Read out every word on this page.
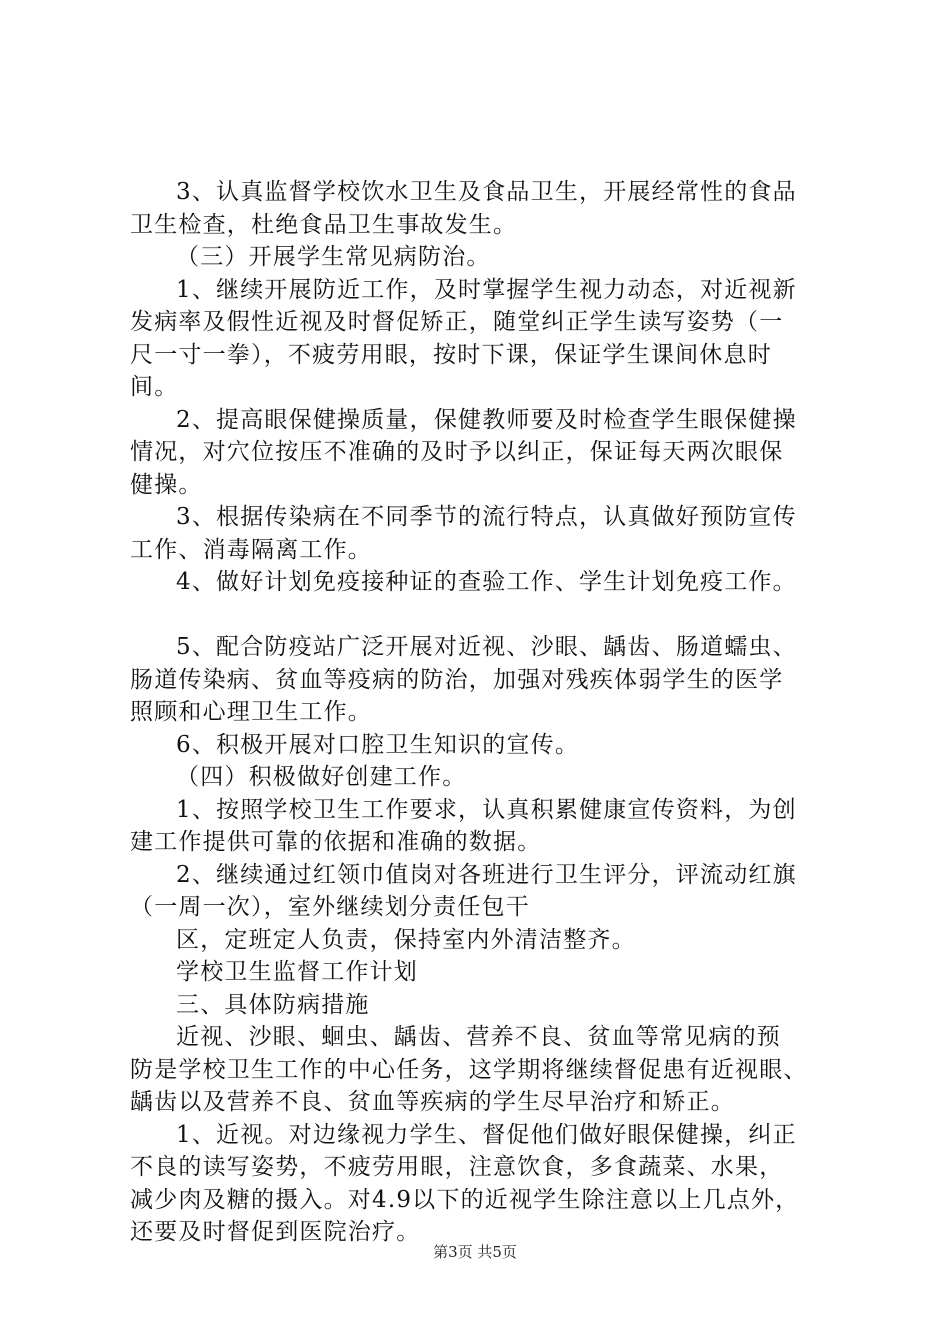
3、认真监督学校饮水卫生及食品卫生，开展经常性的食品
卫生检查，杜绝食品卫生事故发生。
（三）开展学生常见病防治。
1、继续开展防近工作，及时掌握学生视力动态，对近视新
发病率及假性近视及时督促矫正，随堂纠正学生读写姿势（一
尺一寸一拳），不疲劳用眼，按时下课，保证学生课间休息时
间。
2、提高眼保健操质量，保健教师要及时检查学生眼保健操
情况，对穴位按压不准确的及时予以纠正，保证每天两次眼保
健操。
3、根据传染病在不同季节的流行特点，认真做好预防宣传
工作、消毒隔离工作。
4、做好计划免疫接种证的查验工作、学生计划免疫工作。
5、配合防疫站广泛开展对近视、沙眼、龋齿、肠道蠕虫、
肠道传染病、贫血等疫病的防治，加强对残疾体弱学生的医学
照顾和心理卫生工作。
6、积极开展对口腔卫生知识的宣传。
（四）积极做好创建工作。
1、按照学校卫生工作要求，认真积累健康宣传资料，为创
建工作提供可靠的依据和准确的数据。
2、继续通过红领巾值岗对各班进行卫生评分，评流动红旗
（一周一次），室外继续划分责任包干
区，定班定人负责，保持室内外清洁整齐。
学校卫生监督工作计划
三、具体防病措施
近视、沙眼、蛔虫、龋齿、营养不良、贫血等常见病的预
防是学校卫生工作的中心任务，这学期将继续督促患有近视眼、
龋齿以及营养不良、贫血等疾病的学生尽早治疗和矫正。
1、近视。对边缘视力学生、督促他们做好眼保健操，纠正
不良的读写姿势，不疲劳用眼，注意饮食，多食蔬菜、水果，
减少肉及糖的摄入。对4.9以下的近视学生除注意以上几点外，
还要及时督促到医院治疗。
第3页 共5页
